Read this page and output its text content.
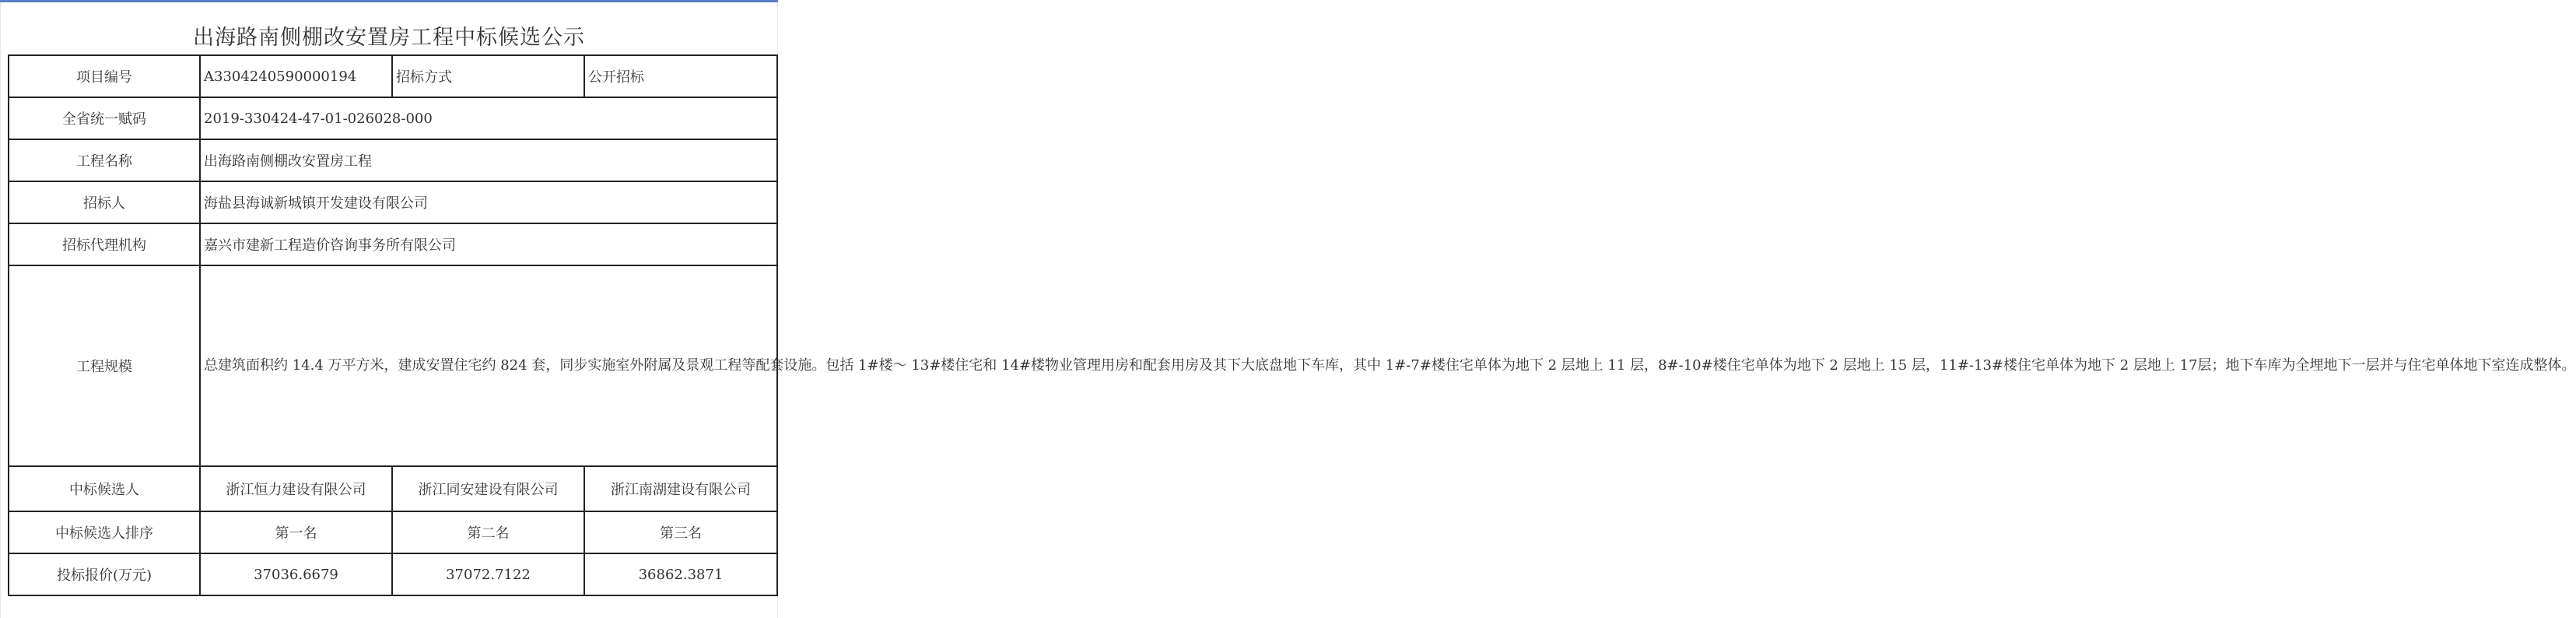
出海路南侧棚改安置房工程中标候选公示
项目编号	A3304240590000194	招标方式	公开招标
全省统一赋码	2019-330424-47-01-026028-000		
工程名称	出海路南侧棚改安置房工程		
招标人	海盐县海诚新城镇开发建设有限公司		
招标代理机构	嘉兴市建新工程造价咨询事务所有限公司		
工程规模	总建筑面积约 14.4 万平方米，建成安置住宅约 824 套，同步实施室外附属及景观工程等配套设施。包括 1#楼～ 13#楼住宅和 14#楼物业管理用房和配套用房及其下大底盘地下车库，其中 1#-7#楼住宅单体为地下 2 层地上 11 层，8#-10#楼住宅单体为地下 2 层地上 15 层，11#-13#楼住宅单体为地下 2 层地上 17层；地下车库为全埋地下一层并与住宅单体地下室连成整体。		
中标候选人	浙江恒力建设有限公司	浙江同安建设有限公司	浙江南湖建设有限公司
中标候选人排序	第一名	第二名	第三名
投标报价(万元)	37036.6679	37072.7122	36862.3871
